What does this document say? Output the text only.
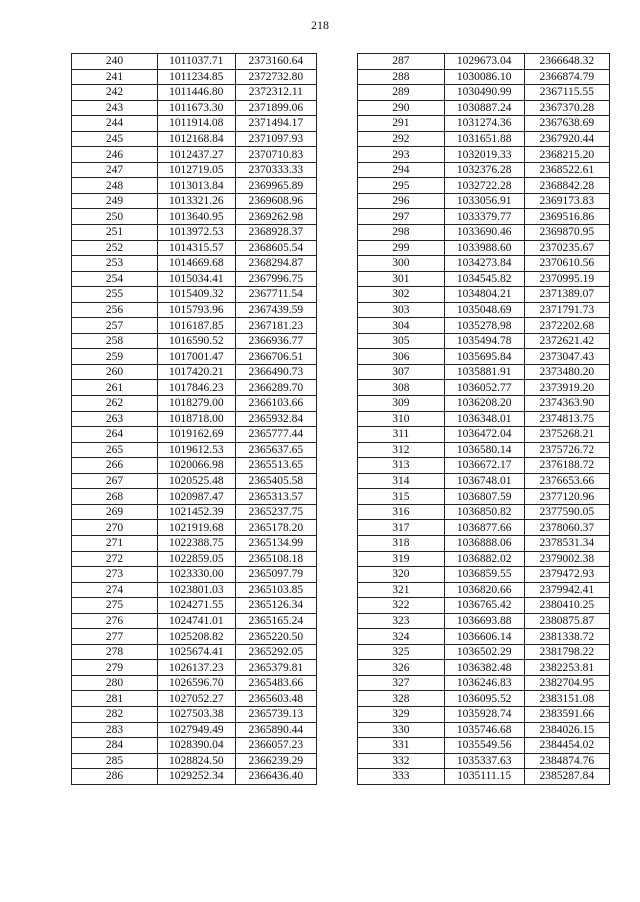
218
240	1011037.71	2373160.64
241	1011234.85	2372732.80
242	1011446.80	2372312.11
243	1011673.30	2371899.06
244	1011914.08	2371494.17
245	1012168.84	2371097.93
246	1012437.27	2370710.83
247	1012719.05	2370333.33
248	1013013.84	2369965.89
249	1013321.26	2369608.96
250	1013640.95	2369262.98
251	1013972.53	2368928.37
252	1014315.57	2368605.54
253	1014669.68	2368294.87
254	1015034.41	2367996.75
255	1015409.32	2367711.54
256	1015793.96	2367439.59
257	1016187.85	2367181.23
258	1016590.52	2366936.77
259	1017001.47	2366706.51
260	1017420.21	2366490.73
261	1017846.23	2366289.70
262	1018279.00	2366103.66
263	1018718.00	2365932.84
264	1019162.69	2365777.44
265	1019612.53	2365637.65
266	1020066.98	2365513.65
267	1020525.48	2365405.58
268	1020987.47	2365313.57
269	1021452.39	2365237.75
270	1021919.68	2365178.20
271	1022388.75	2365134.99
272	1022859.05	2365108.18
273	1023330.00	2365097.79
274	1023801.03	2365103.85
275	1024271.55	2365126.34
276	1024741.01	2365165.24
277	1025208.82	2365220.50
278	1025674.41	2365292.05
279	1026137.23	2365379.81
280	1026596.70	2365483.66
281	1027052.27	2365603.48
282	1027503.38	2365739.13
283	1027949.49	2365890.44
284	1028390.04	2366057.23
285	1028824.50	2366239.29
286	1029252.34	2366436.40
287	1029673.04	2366648.32
288	1030086.10	2366874.79
289	1030490.99	2367115.55
290	1030887.24	2367370.28
291	1031274.36	2367638.69
292	1031651.88	2367920.44
293	1032019.33	2368215.20
294	1032376.28	2368522.61
295	1032722.28	2368842.28
296	1033056.91	2369173.83
297	1033379.77	2369516.86
298	1033690.46	2369870.95
299	1033988.60	2370235.67
300	1034273.84	2370610.56
301	1034545.82	2370995.19
302	1034804.21	2371389.07
303	1035048.69	2371791.73
304	1035278.98	2372202.68
305	1035494.78	2372621.42
306	1035695.84	2373047.43
307	1035881.91	2373480.20
308	1036052.77	2373919.20
309	1036208.20	2374363.90
310	1036348.01	2374813.75
311	1036472.04	2375268.21
312	1036580.14	2375726.72
313	1036672.17	2376188.72
314	1036748.01	2376653.66
315	1036807.59	2377120.96
316	1036850.82	2377590.05
317	1036877.66	2378060.37
318	1036888.06	2378531.34
319	1036882.02	2379002.38
320	1036859.55	2379472.93
321	1036820.66	2379942.41
322	1036765.42	2380410.25
323	1036693.88	2380875.87
324	1036606.14	2381338.72
325	1036502.29	2381798.22
326	1036382.48	2382253.81
327	1036246.83	2382704.95
328	1036095.52	2383151.08
329	1035928.74	2383591.66
330	1035746.68	2384026.15
331	1035549.56	2384454.02
332	1035337.63	2384874.76
333	1035111.15	2385287.84
